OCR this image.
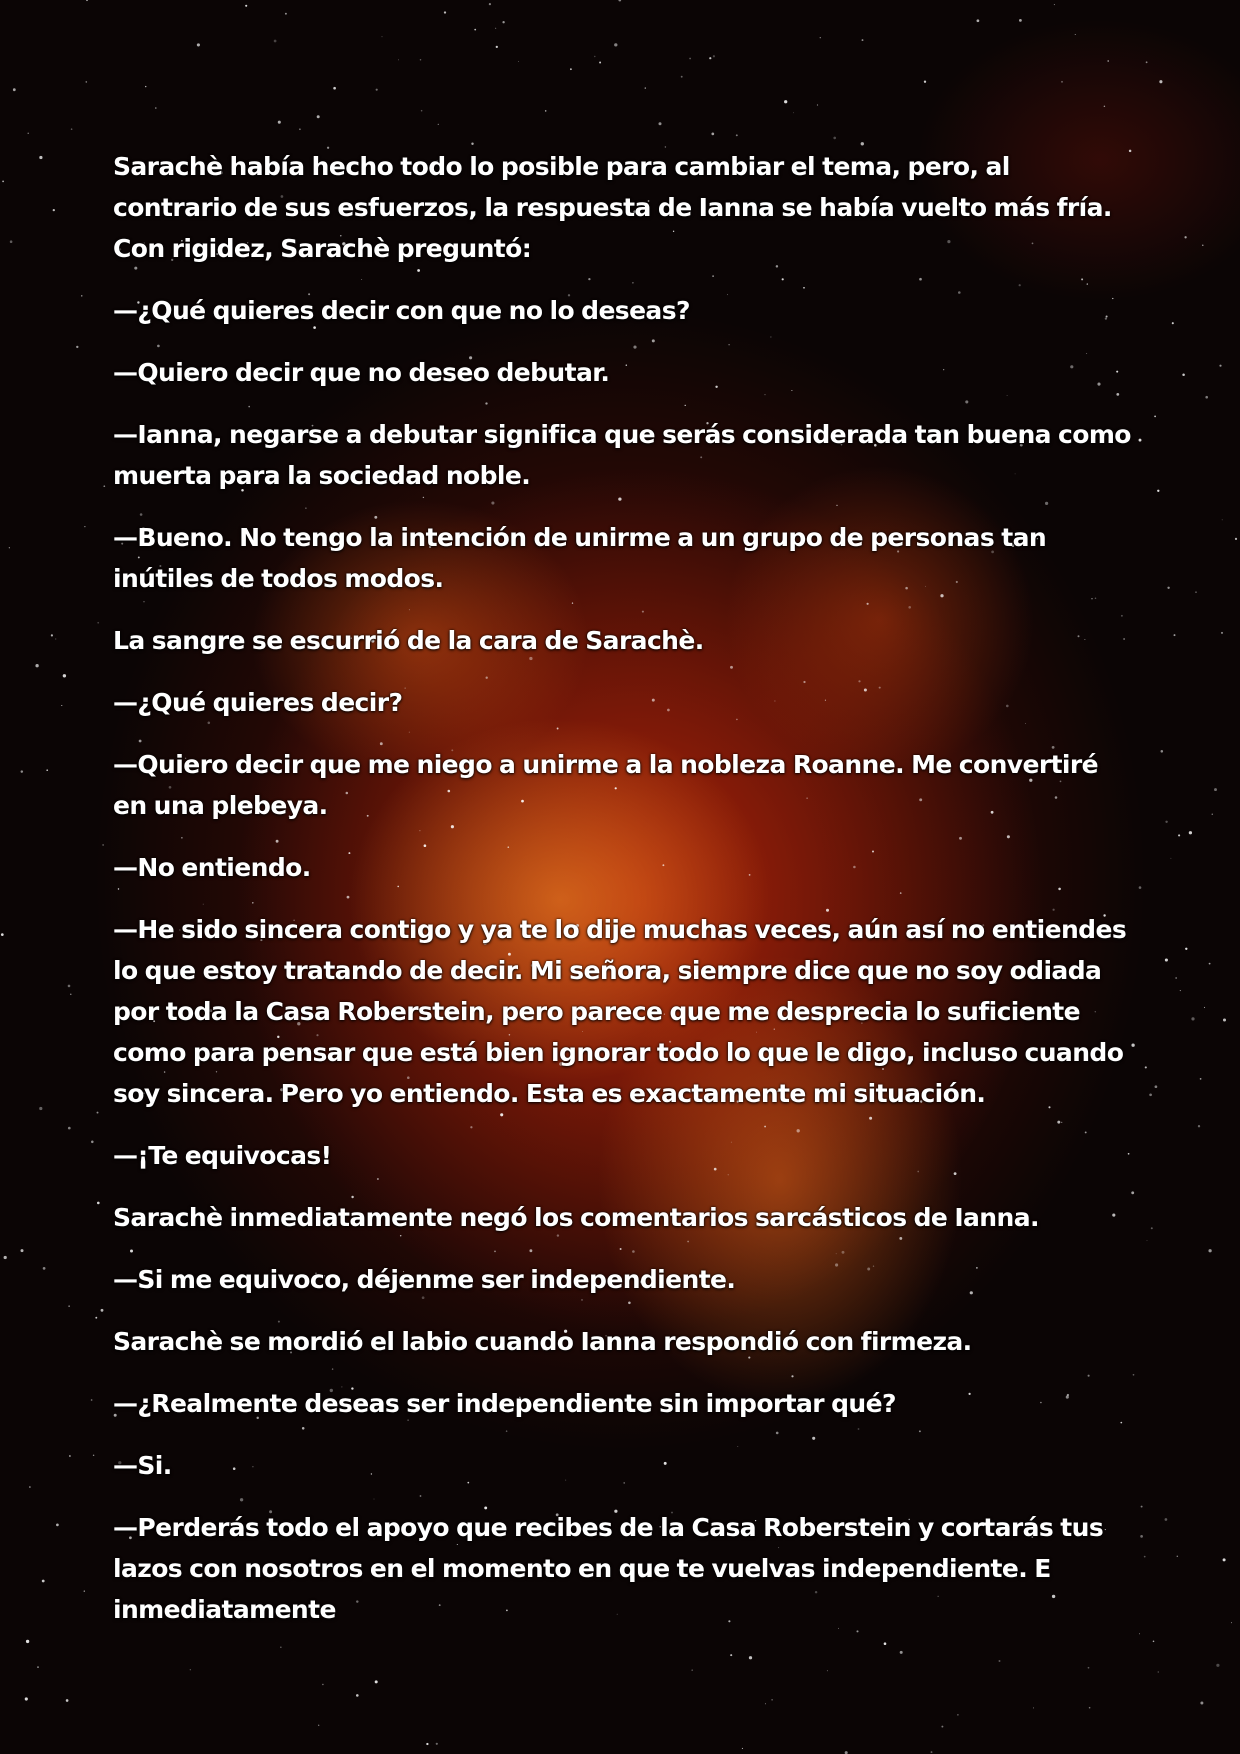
Sarachè había hecho todo lo posible para cambiar el tema, pero, al contrario de sus esfuerzos, la respuesta de Ianna se había vuelto más fría. Con rigidez, Sarachè preguntó:

—¿Qué quieres decir con que no lo deseas?

—Quiero decir que no deseo debutar.

—Ianna, negarse a debutar significa que serás considerada tan buena como muerta para la sociedad noble.

—Bueno. No tengo la intención de unirme a un grupo de personas tan inútiles de todos modos.

La sangre se escurrió de la cara de Sarachè.

—¿Qué quieres decir?

—Quiero decir que me niego a unirme a la nobleza Roanne. Me convertiré en una plebeya.

—No entiendo.

—He sido sincera contigo y ya te lo dije muchas veces, aún así no entiendes lo que estoy tratando de decir. Mi señora, siempre dice que no soy odiada por toda la Casa Roberstein, pero parece que me desprecia lo suficiente como para pensar que está bien ignorar todo lo que le digo, incluso cuando soy sincera. Pero yo entiendo. Esta es exactamente mi situación.

—¡Te equivocas!

Sarachè inmediatamente negó los comentarios sarcásticos de Ianna.

—Si me equivoco, déjenme ser independiente.

Sarachè se mordió el labio cuando Ianna respondió con firmeza.

—¿Realmente deseas ser independiente sin importar qué?

—Si.

—Perderás todo el apoyo que recibes de la Casa Roberstein y cortarás tus lazos con nosotros en el momento en que te vuelvas independiente. E inmediatamente
